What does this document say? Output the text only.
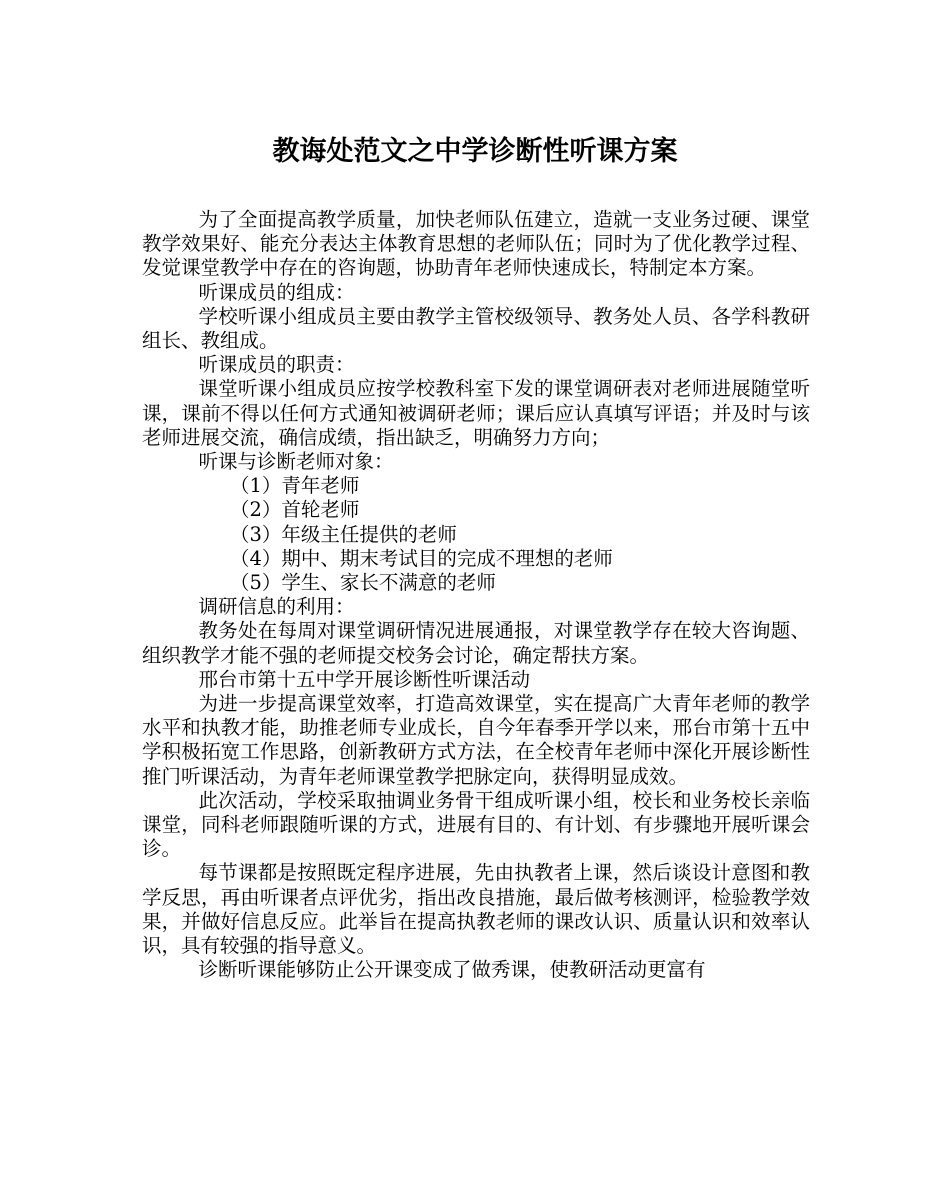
教诲处范文之中学诊断性听课方案

为了全面提高教学质量，加快老师队伍建立，造就一支业务过硬、课堂教学效果好、能充分表达主体教育思想的老师队伍；同时为了优化教学过程、发觉课堂教学中存在的咨询题，协助青年老师快速成长，特制定本方案。

听课成员的组成：

学校听课小组成员主要由教学主管校级领导、教务处人员、各学科教研组长、教组成。

听课成员的职责：

课堂听课小组成员应按学校教科室下发的课堂调研表对老师进展随堂听课，课前不得以任何方式通知被调研老师；课后应认真填写评语；并及时与该老师进展交流，确信成绩，指出缺乏，明确努力方向；

听课与诊断老师对象：

（1）青年老师

（2）首轮老师

（3）年级主任提供的老师

（4）期中、期末考试目的完成不理想的老师

（5）学生、家长不满意的老师

调研信息的利用：

教务处在每周对课堂调研情况进展通报，对课堂教学存在较大咨询题、组织教学才能不强的老师提交校务会讨论，确定帮扶方案。

邢台市第十五中学开展诊断性听课活动

为进一步提高课堂效率，打造高效课堂，实在提高广大青年老师的教学水平和执教才能，助推老师专业成长，自今年春季开学以来，邢台市第十五中学积极拓宽工作思路，创新教研方式方法，在全校青年老师中深化开展诊断性推门听课活动，为青年老师课堂教学把脉定向，获得明显成效。

此次活动，学校采取抽调业务骨干组成听课小组，校长和业务校长亲临课堂，同科老师跟随听课的方式，进展有目的、有计划、有步骤地开展听课会诊。

每节课都是按照既定程序进展，先由执教者上课，然后谈设计意图和教学反思，再由听课者点评优劣，指出改良措施，最后做考核测评，检验教学效果，并做好信息反应。此举旨在提高执教老师的课改认识、质量认识和效率认识，具有较强的指导意义。

诊断听课能够防止公开课变成了做秀课，使教研活动更富有
